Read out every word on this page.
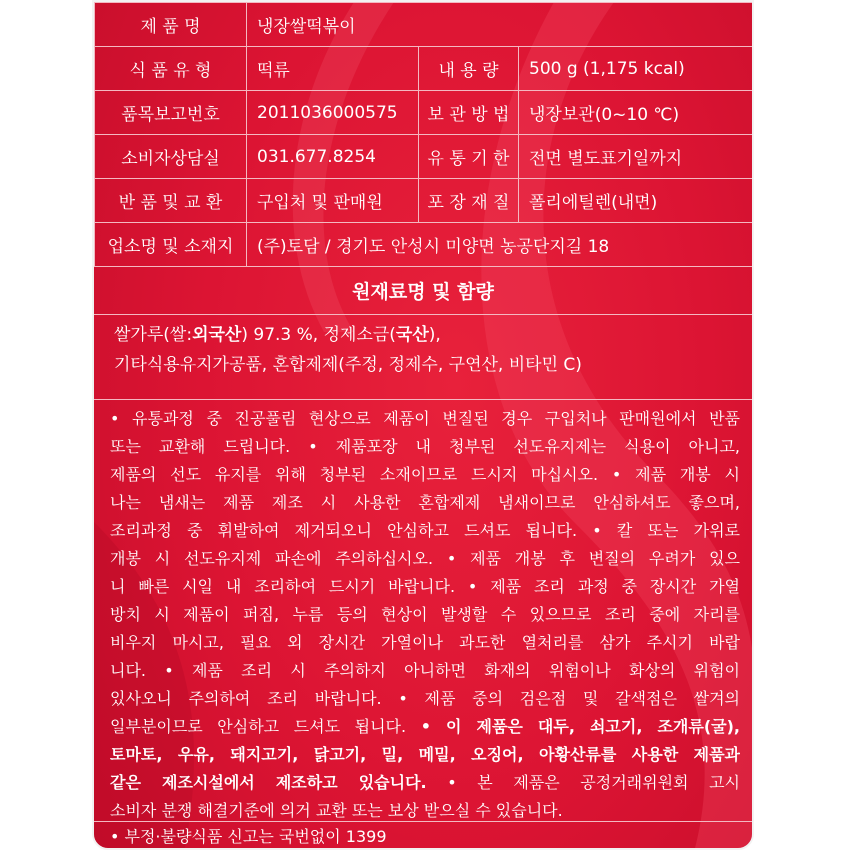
제 품 명	냉장쌀떡볶이		
식 품 유 형	떡류	내 용 량	500 g (1,175 kcal)
품목보고번호	2011036000575	보 관 방 법	냉장보관(0~10 ℃)
소비자상담실	031.677.8254	유 통 기 한	전면 별도표기일까지
반 품 및 교 환	구입처 및 판매원	포 장 재 질	폴리에틸렌(내면)
업소명 및 소재지	(주)토담 / 경기도 안성시 미양면 농공단지길 18		
원재료명 및 함량
쌀가루(쌀:외국산) 97.3 %, 정제소금(국산),
기타식용유지가공품, 혼합제제(주정, 정제수, 구연산, 비타민 C)
• 유통과정 중 진공풀림 현상으로 제품이 변질된 경우 구입처나 판매원에서 반품
또는 교환해 드립니다. • 제품포장 내 청부된 선도유지제는 식용이 아니고,
제품의 선도 유지를 위해 청부된 소재이므로 드시지 마십시오. • 제품 개봉 시
나는 냄새는 제품 제조 시 사용한 혼합제제 냄새이므로 안심하셔도 좋으며,
조리과정 중 휘발하여 제거되오니 안심하고 드셔도 됩니다. • 칼 또는 가위로
개봉 시 선도유지제 파손에 주의하십시오. • 제품 개봉 후 변질의 우려가 있으
니 빠른 시일 내 조리하여 드시기 바랍니다. • 제품 조리 과정 중 장시간 가열
방치 시 제품이 퍼짐, 누름 등의 현상이 발생할 수 있으므로 조리 중에 자리를
비우지 마시고, 필요 외 장시간 가열이나 과도한 열처리를 삼가 주시기 바랍
니다. • 제품 조리 시 주의하지 아니하면 화재의 위험이나 화상의 위험이
있사오니 주의하여 조리 바랍니다. • 제품 중의 검은점 및 갈색점은 쌀겨의
일부분이므로 안심하고 드셔도 됩니다. • 이 제품은 대두, 쇠고기, 조개류(굴),
토마토, 우유, 돼지고기, 닭고기, 밀, 메밀, 오징어, 아황산류를 사용한 제품과
같은 제조시설에서 제조하고 있습니다. • 본 제품은 공정거래위원회 고시
소비자 분쟁 해결기준에 의거 교환 또는 보상 받으실 수 있습니다.
• 부정·불량식품 신고는 국번없이 1399
